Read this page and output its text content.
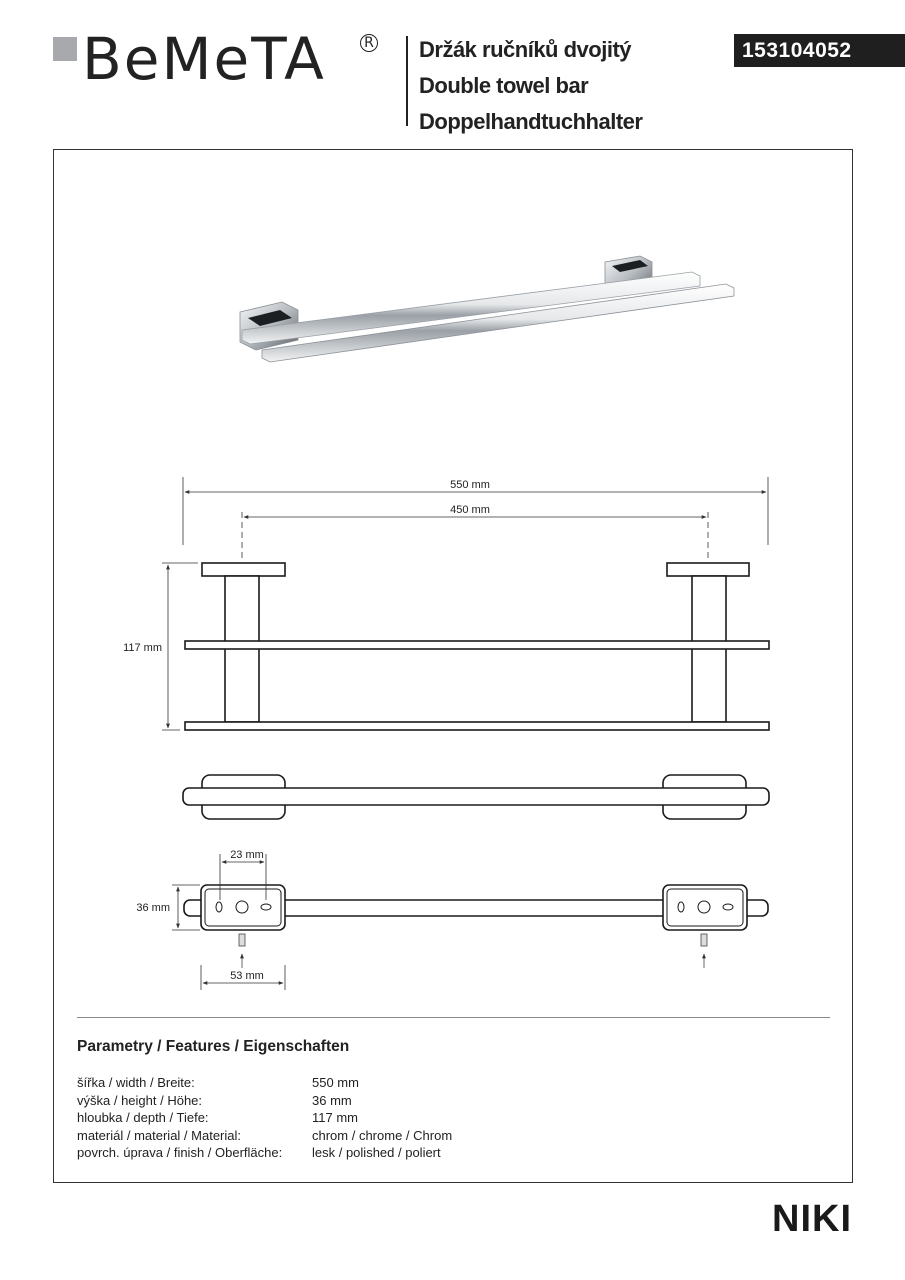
BeMeTA	R Držák ručníků dvojitý
Double towel bar
Doppelhandtuchhalter
153104052
550 mm
450 mm
117 mm
23 mm
36 mm
53 mm
Parametry / Features / Eigenschaften
šířka / width / Breite:	550 mm
výška / height / Höhe:	36 mm
hloubka / depth / Tiefe:	117 mm
materiál / material / Material:	chrom / chrome / Chrom
povrch. úprava / finish / Oberfläche:	lesk / polished / poliert
NIKI
